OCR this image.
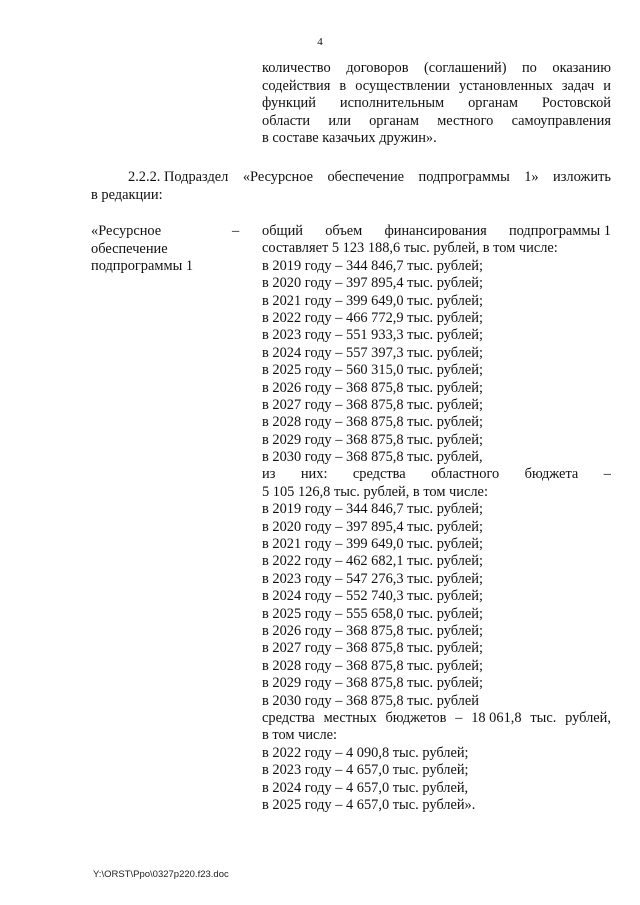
4
количество договоров (соглашений) по оказанию
содействия в осуществлении установленных задач и
функций исполнительным органам Ростовской
области или органам местного самоуправления
в составе казачьих дружин».
2.2.2. Подраздел «Ресурсное обеспечение подпрограммы 1» изложить
в редакции:
«Ресурсное
обеспечение
подпрограммы 1
– общий объем финансирования подпрограммы 1
составляет 5 123 188,6 тыс. рублей, в том числе:
в 2019 году – 344 846,7 тыс. рублей;
в 2020 году – 397 895,4 тыс. рублей;
в 2021 году – 399 649,0 тыс. рублей;
в 2022 году – 466 772,9 тыс. рублей;
в 2023 году – 551 933,3 тыс. рублей;
в 2024 году – 557 397,3 тыс. рублей;
в 2025 году – 560 315,0 тыс. рублей;
в 2026 году – 368 875,8 тыс. рублей;
в 2027 году – 368 875,8 тыс. рублей;
в 2028 году – 368 875,8 тыс. рублей;
в 2029 году – 368 875,8 тыс. рублей;
в 2030 году – 368 875,8 тыс. рублей,
из них: средства областного бюджета –
5 105 126,8 тыс. рублей, в том числе:
в 2019 году – 344 846,7 тыс. рублей;
в 2020 году – 397 895,4 тыс. рублей;
в 2021 году – 399 649,0 тыс. рублей;
в 2022 году – 462 682,1 тыс. рублей;
в 2023 году – 547 276,3 тыс. рублей;
в 2024 году – 552 740,3 тыс. рублей;
в 2025 году – 555 658,0 тыс. рублей;
в 2026 году – 368 875,8 тыс. рублей;
в 2027 году – 368 875,8 тыс. рублей;
в 2028 году – 368 875,8 тыс. рублей;
в 2029 году – 368 875,8 тыс. рублей;
в 2030 году – 368 875,8 тыс. рублей
средства местных бюджетов – 18 061,8 тыс. рублей,
в том числе:
в 2022 году – 4 090,8 тыс. рублей;
в 2023 году – 4 657,0 тыс. рублей;
в 2024 году – 4 657,0 тыс. рублей,
в 2025 году – 4 657,0 тыс. рублей».
Y:\ORST\Ppo\0327p220.f23.doc
